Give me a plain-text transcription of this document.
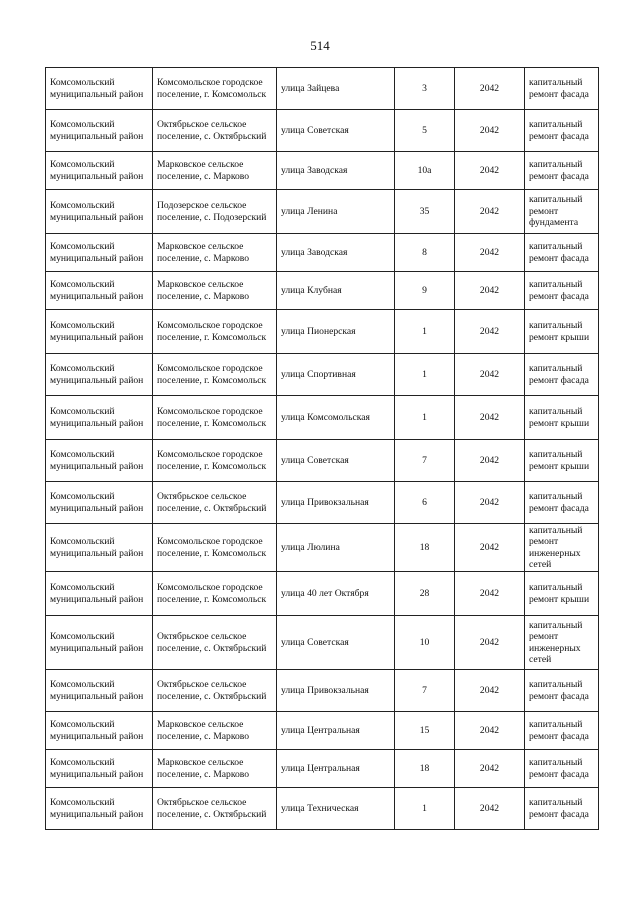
514
Комсомольский муниципальный район	Комсомольское городское поселение, г. Комсомольск	улица Зайцева	3	2042	капитальный ремонт фасада
Комсомольский муниципальный район	Октябрьское сельское поселение, с. Октябрьский	улица Советская	5	2042	капитальный ремонт фасада
Комсомольский муниципальный район	Марковское сельское поселение, с. Марково	улица Заводская	10а	2042	капитальный ремонт фасада
Комсомольский муниципальный район	Подозерское сельское поселение, с. Подозерский	улица Ленина	35	2042	капитальный ремонт фундамента
Комсомольский муниципальный район	Марковское сельское поселение, с. Марково	улица Заводская	8	2042	капитальный ремонт фасада
Комсомольский муниципальный район	Марковское сельское поселение, с. Марково	улица Клубная	9	2042	капитальный ремонт фасада
Комсомольский муниципальный район	Комсомольское городское поселение, г. Комсомольск	улица Пионерская	1	2042	капитальный ремонт крыши
Комсомольский муниципальный район	Комсомольское городское поселение, г. Комсомольск	улица Спортивная	1	2042	капитальный ремонт фасада
Комсомольский муниципальный район	Комсомольское городское поселение, г. Комсомольск	улица Комсомольская	1	2042	капитальный ремонт крыши
Комсомольский муниципальный район	Комсомольское городское поселение, г. Комсомольск	улица Советская	7	2042	капитальный ремонт крыши
Комсомольский муниципальный район	Октябрьское сельское поселение, с. Октябрьский	улица Привокзальная	6	2042	капитальный ремонт фасада
Комсомольский муниципальный район	Комсомольское городское поселение, г. Комсомольск	улица Люлина	18	2042	капитальный ремонт инженерных сетей
Комсомольский муниципальный район	Комсомольское городское поселение, г. Комсомольск	улица 40 лет Октября	28	2042	капитальный ремонт крыши
Комсомольский муниципальный район	Октябрьское сельское поселение, с. Октябрьский	улица Советская	10	2042	капитальный ремонт инженерных сетей
Комсомольский муниципальный район	Октябрьское сельское поселение, с. Октябрьский	улица Привокзальная	7	2042	капитальный ремонт фасада
Комсомольский муниципальный район	Марковское сельское поселение, с. Марково	улица Центральная	15	2042	капитальный ремонт фасада
Комсомольский муниципальный район	Марковское сельское поселение, с. Марково	улица Центральная	18	2042	капитальный ремонт фасада
Комсомольский муниципальный район	Октябрьское сельское поселение, с. Октябрьский	улица Техническая	1	2042	капитальный ремонт фасада
